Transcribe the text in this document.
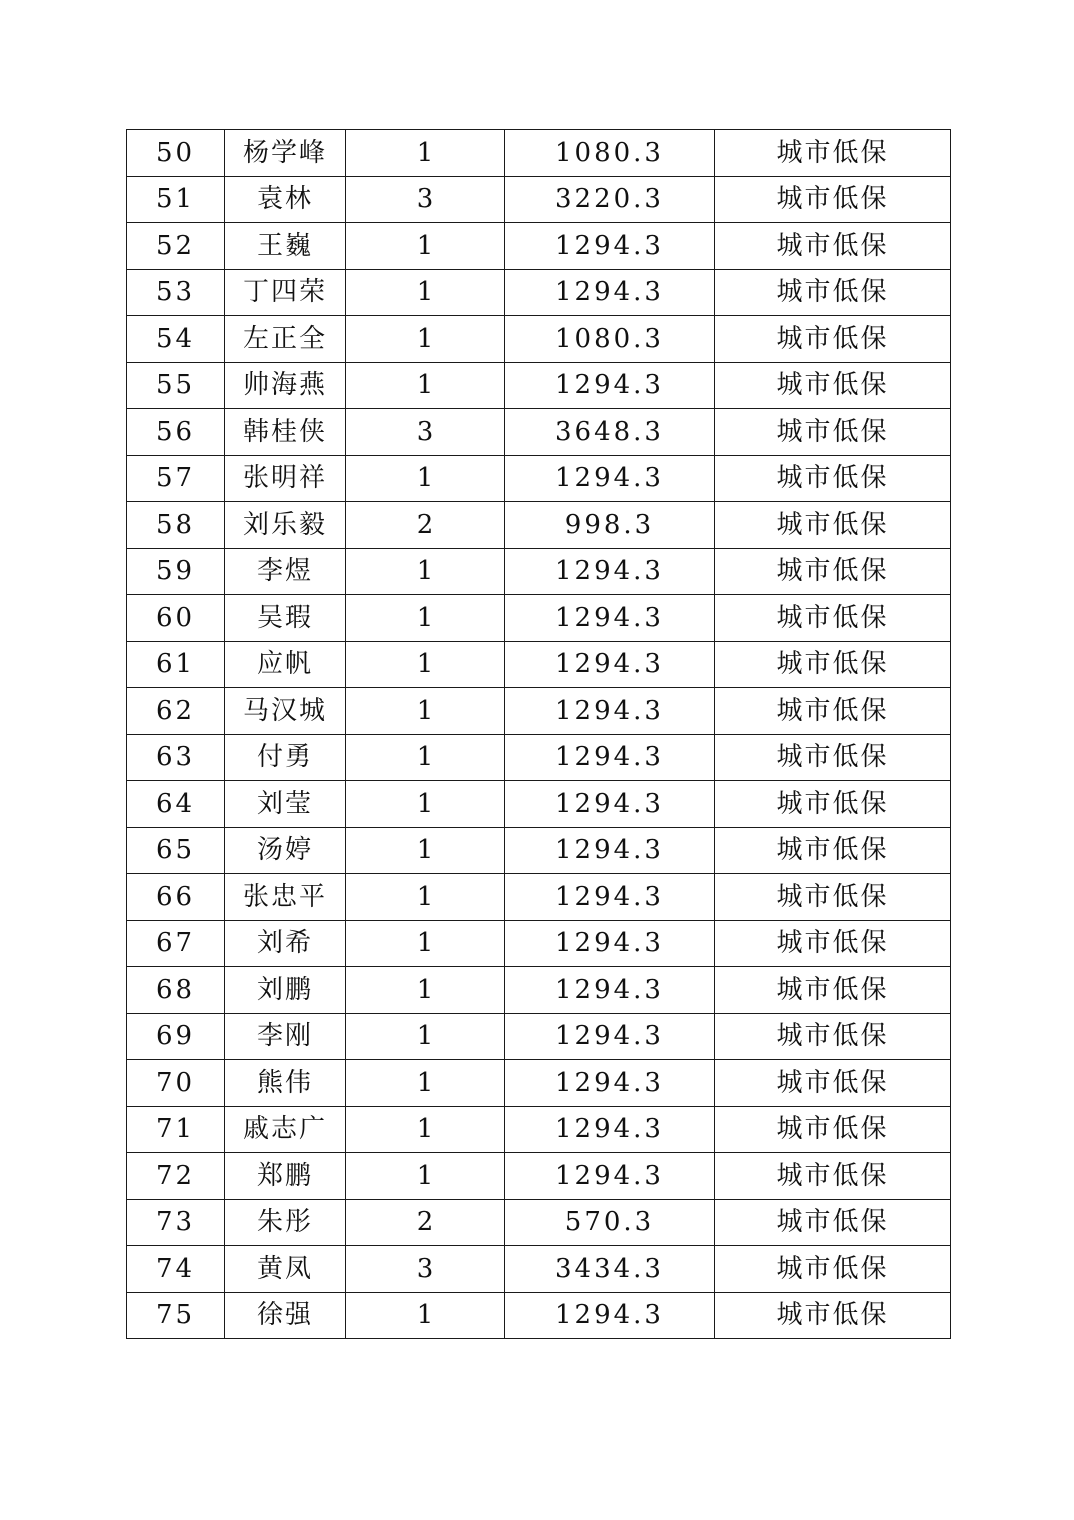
50	杨学峰	1	1080.3	城市低保
51	袁林	3	3220.3	城市低保
52	王巍	1	1294.3	城市低保
53	丁四荣	1	1294.3	城市低保
54	左正全	1	1080.3	城市低保
55	帅海燕	1	1294.3	城市低保
56	韩桂侠	3	3648.3	城市低保
57	张明祥	1	1294.3	城市低保
58	刘乐毅	2	998.3	城市低保
59	李煜	1	1294.3	城市低保
60	吴瑕	1	1294.3	城市低保
61	应帆	1	1294.3	城市低保
62	马汉城	1	1294.3	城市低保
63	付勇	1	1294.3	城市低保
64	刘莹	1	1294.3	城市低保
65	汤婷	1	1294.3	城市低保
66	张忠平	1	1294.3	城市低保
67	刘希	1	1294.3	城市低保
68	刘鹏	1	1294.3	城市低保
69	李刚	1	1294.3	城市低保
70	熊伟	1	1294.3	城市低保
71	戚志广	1	1294.3	城市低保
72	郑鹏	1	1294.3	城市低保
73	朱彤	2	570.3	城市低保
74	黄凤	3	3434.3	城市低保
75	徐强	1	1294.3	城市低保
